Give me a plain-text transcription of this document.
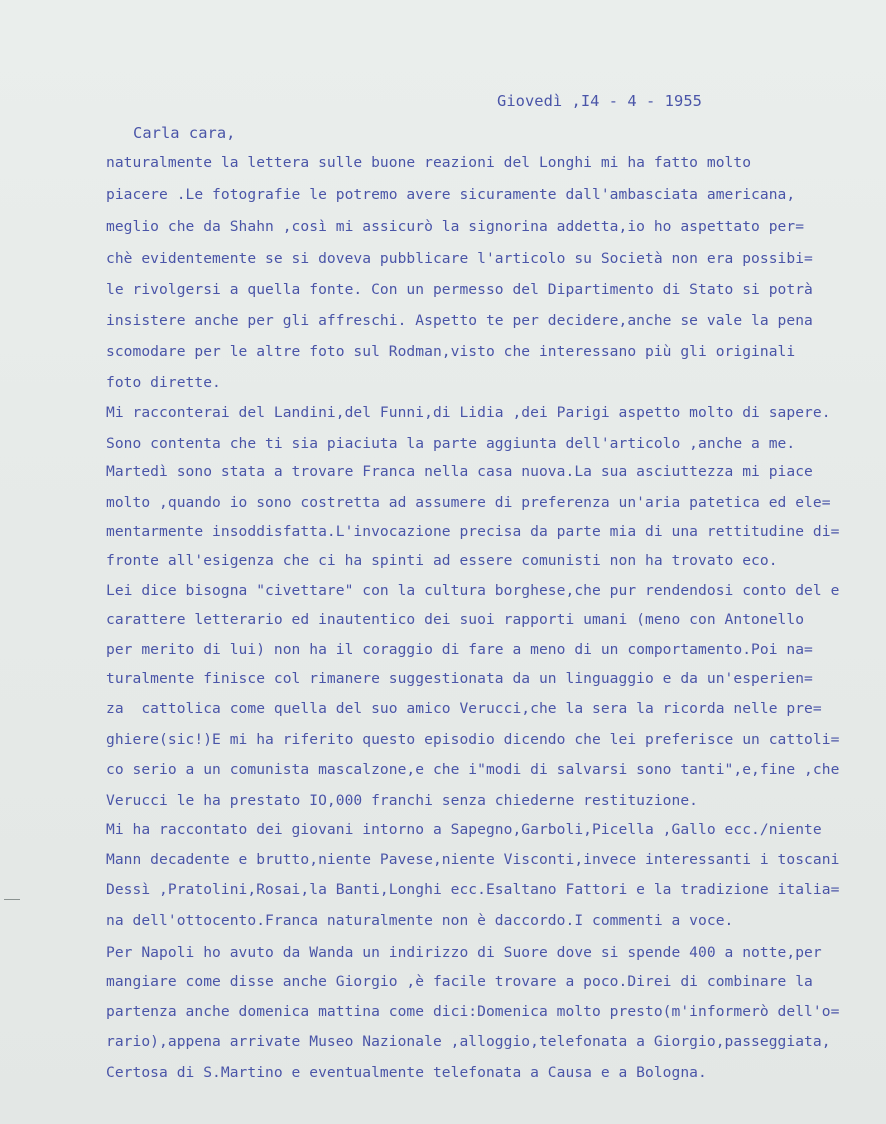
Giovedì ,I4 - 4 - 1955
Carla cara,
naturalmente la lettera sulle buone reazioni del Longhi mi ha fatto molto
piacere .Le fotografie le potremo avere sicuramente dall'ambasciata americana,
meglio che da Shahn ,così mi assicurò la signorina addetta,io ho aspettato per=
chè evidentemente se si doveva pubblicare l'articolo su Società non era possibi=
le rivolgersi a quella fonte. Con un permesso del Dipartimento di Stato si potrà
insistere anche per gli affreschi. Aspetto te per decidere,anche se vale la pena
scomodare per le altre foto sul Rodman,visto che interessano più gli originali
foto dirette.
Mi racconterai del Landini,del Funni,di Lidia ,dei Parigi aspetto molto di sapere.
Sono contenta che ti sia piaciuta la parte aggiunta dell'articolo ,anche a me.
Martedì sono stata a trovare Franca nella casa nuova.La sua asciuttezza mi piace
molto ,quando io sono costretta ad assumere di preferenza un'aria patetica ed ele=
mentarmente insoddisfatta.L'invocazione precisa da parte mia di una rettitudine di=
fronte all'esigenza che ci ha spinti ad essere comunisti non ha trovato eco.
Lei dice bisogna "civettare" con la cultura borghese,che pur rendendosi conto del e
carattere letterario ed inautentico dei suoi rapporti umani (meno con Antonello
per merito di lui) non ha il coraggio di fare a meno di un comportamento.Poi na=
turalmente finisce col rimanere suggestionata da un linguaggio e da un'esperien=
za  cattolica come quella del suo amico Verucci,che la sera la ricorda nelle pre=
ghiere(sic!)E mi ha riferito questo episodio dicendo che lei preferisce un cattoli=
co serio a un comunista mascalzone,e che i"modi di salvarsi sono tanti",e,fine ,che
Verucci le ha prestato IO,000 franchi senza chiederne restituzione.
Mi ha raccontato dei giovani intorno a Sapegno,Garboli,Picella ,Gallo ecc./niente
Mann decadente e brutto,niente Pavese,niente Visconti,invece interessanti i toscani
Dessì ,Pratolini,Rosai,la Banti,Longhi ecc.Esaltano Fattori e la tradizione italia=
na dell'ottocento.Franca naturalmente non è daccordo.I commenti a voce.
Per Napoli ho avuto da Wanda un indirizzo di Suore dove si spende 400 a notte,per
mangiare come disse anche Giorgio ,è facile trovare a poco.Direi di combinare la
partenza anche domenica mattina come dici:Domenica molto presto(m'informerò dell'o=
rario),appena arrivate Museo Nazionale ,alloggio,telefonata a Giorgio,passeggiata,
Certosa di S.Martino e eventualmente telefonata a Causa e a Bologna.
